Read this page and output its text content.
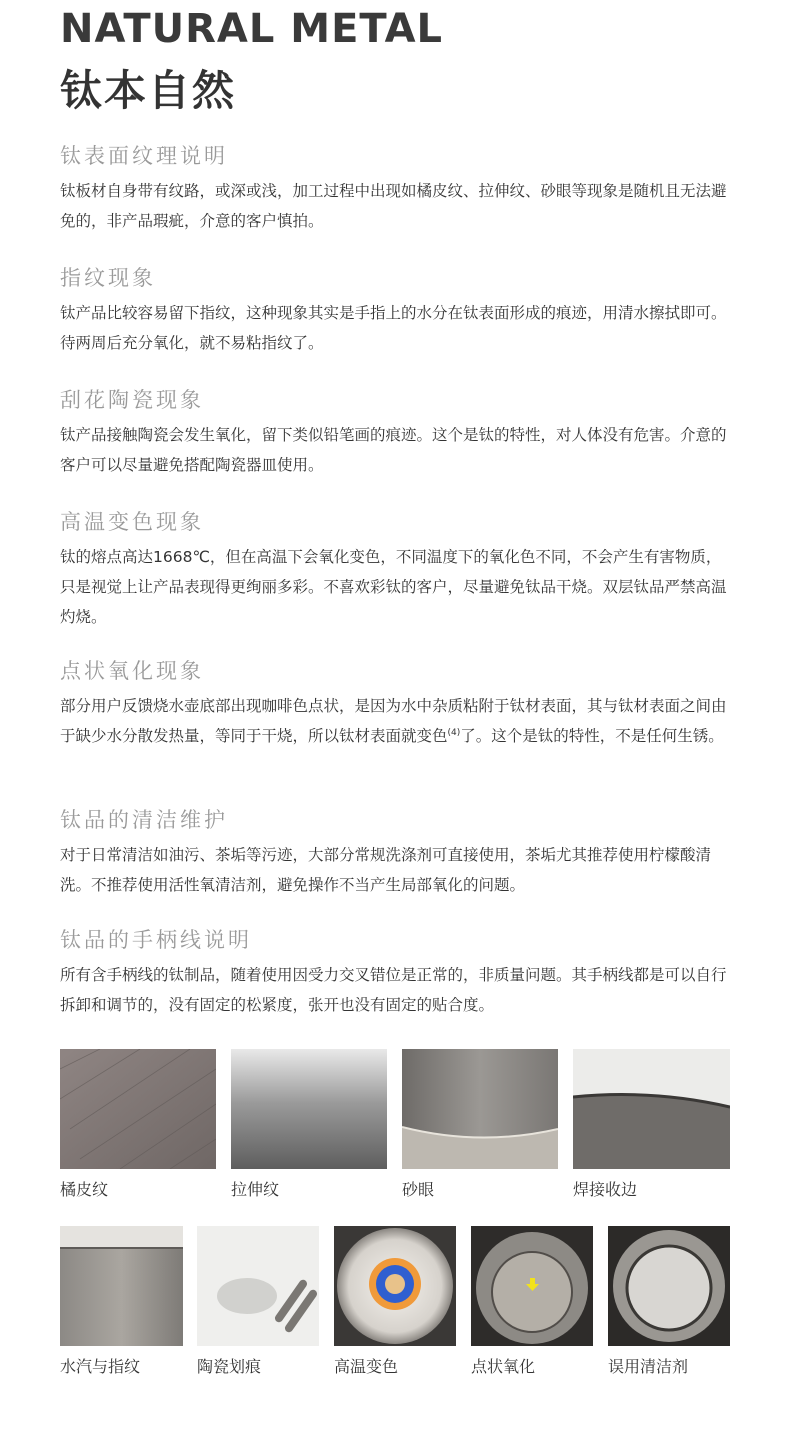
NATURAL METAL
钛本自然
钛表面纹理说明

钛板材自身带有纹路，或深或浅，加工过程中出现如橘皮纹、拉伸纹、砂眼等现象是随机且无法避免的，非产品瑕疵，介意的客户慎拍。

指纹现象

钛产品比较容易留下指纹，这种现象其实是手指上的水分在钛表面形成的痕迹，用清水擦拭即可。待两周后充分氧化，就不易粘指纹了。

刮花陶瓷现象

钛产品接触陶瓷会发生氧化，留下类似铅笔画的痕迹。这个是钛的特性，对人体没有危害。介意的客户可以尽量避免搭配陶瓷器皿使用。

高温变色现象

钛的熔点高达1668℃，但在高温下会氧化变色，不同温度下的氧化色不同，不会产生有害物质，只是视觉上让产品表现得更绚丽多彩。不喜欢彩钛的客户，尽量避免钛品干烧。双层钛品严禁高温灼烧。

点状氧化现象

部分用户反馈烧水壶底部出现咖啡色点状，是因为水中杂质粘附于钛材表面，其与钛材表面之间由于缺少水分散发热量，等同于干烧，所以钛材表面就变色$^{(4)}$了。这个是钛的特性，不是任何生锈。

钛品的清洁维护

对于日常清洁如油污、茶垢等污迹，大部分常规洗涤剂可直接使用，茶垢尤其推荐使用柠檬酸清洗。不推荐使用活性氧清洁剂，避免操作不当产生局部氧化的问题。

钛品的手柄线说明

所有含手柄线的钛制品，随着使用因受力交叉错位是正常的，非质量问题。其手柄线都是可以自行拆卸和调节的，没有固定的松紧度，张开也没有固定的贴合度。

橘皮纹	拉伸纹	砂眼	焊接收边
水汽与指纹	陶瓷划痕	高温变色	点状氧化	误用清洁剂
